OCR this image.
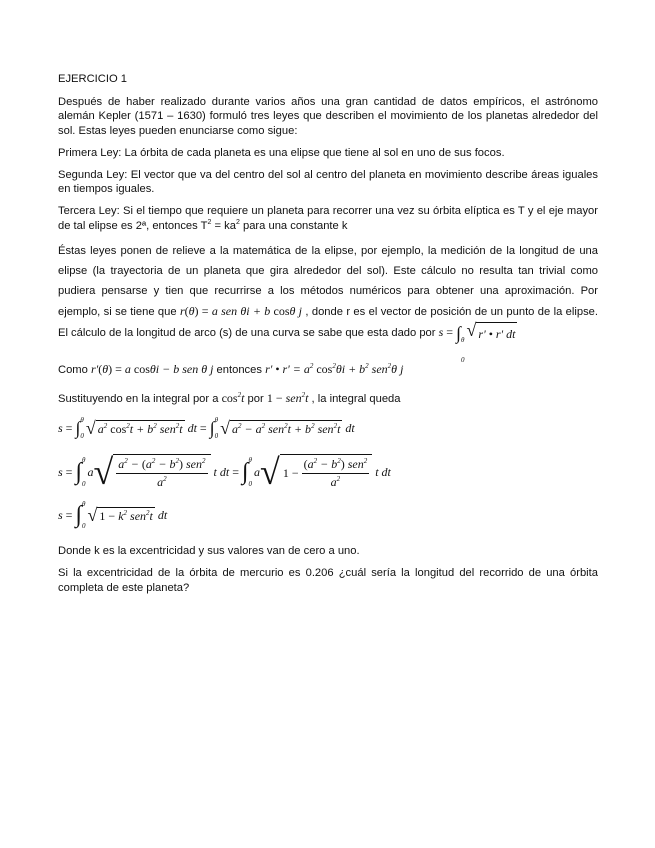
EJERCICIO 1

Después de haber realizado durante varios años una gran cantidad de datos empíricos, el astrónomo alemán Kepler (1571 – 1630) formuló tres leyes que describen el movimiento de los planetas alrededor del sol. Estas leyes pueden enunciarse como sigue:

Primera Ley: La órbita de cada planeta es una elipse que tiene al sol en uno de sus focos.

Segunda Ley: El vector que va del centro del sol al centro del planeta en movimiento describe áreas iguales en tiempos iguales.

Tercera Ley: Si el tiempo que requiere un planeta para recorrer una vez su órbita elíptica es T y el eje mayor de tal elipse es 2ª, entonces $T^2 = ka^2$ para una constante k

Éstas leyes ponen de relieve a la matemática de la elipse, por ejemplo, la medición de la longitud de una elipse (la trayectoria de un planeta que gira alrededor del sol). Este cálculo no resulta tan trivial como pudiera pensarse y tien que recurrirse a los métodos numéricos para obtener una aproximación. Por ejemplo, si se tiene que r(θ) = a sen θi + b cosθ j , donde r es el vector de posición de un punto de la elipse. El cálculo de la longitud de arco (s) de una curva se sabe que esta dado por s = ∫ θ
0
√ r' • r' dt

Como r'(θ) = a cosθi − b sen θ j entonces r' • $r' = a^2$ $\cos^2\theta i + b^2$ sen$^2$θ j

Sustituyendo en la integral por a $\cos^2t$ por 1 − sen$^2$t , la integral queda

s =
∫ θ
0 √ $a^2$ $\cos^2t + b^2$ sen$^2$t dt =
∫ θ
0 √ $a^2 - a^2$ $sen^2t + b^2$ sen$^2$t dt
s =
∫ θ
0
a √ $\frac{a^2 - (a^2 - b^2) sen^2}{a^2}$ t dt =
∫ θ
0
a √ $1 - \frac{(a^2 - b^2) sen^2}{a^2}$ t dt
s =
∫ θ
0
√ $1 - k^2$ sen$^2$t dt

Donde k es la excentricidad y sus valores van de cero a uno.

Si la excentricidad de la órbita de mercurio es 0.206 ¿cuál sería la longitud del recorrido de una órbita completa de este planeta?
